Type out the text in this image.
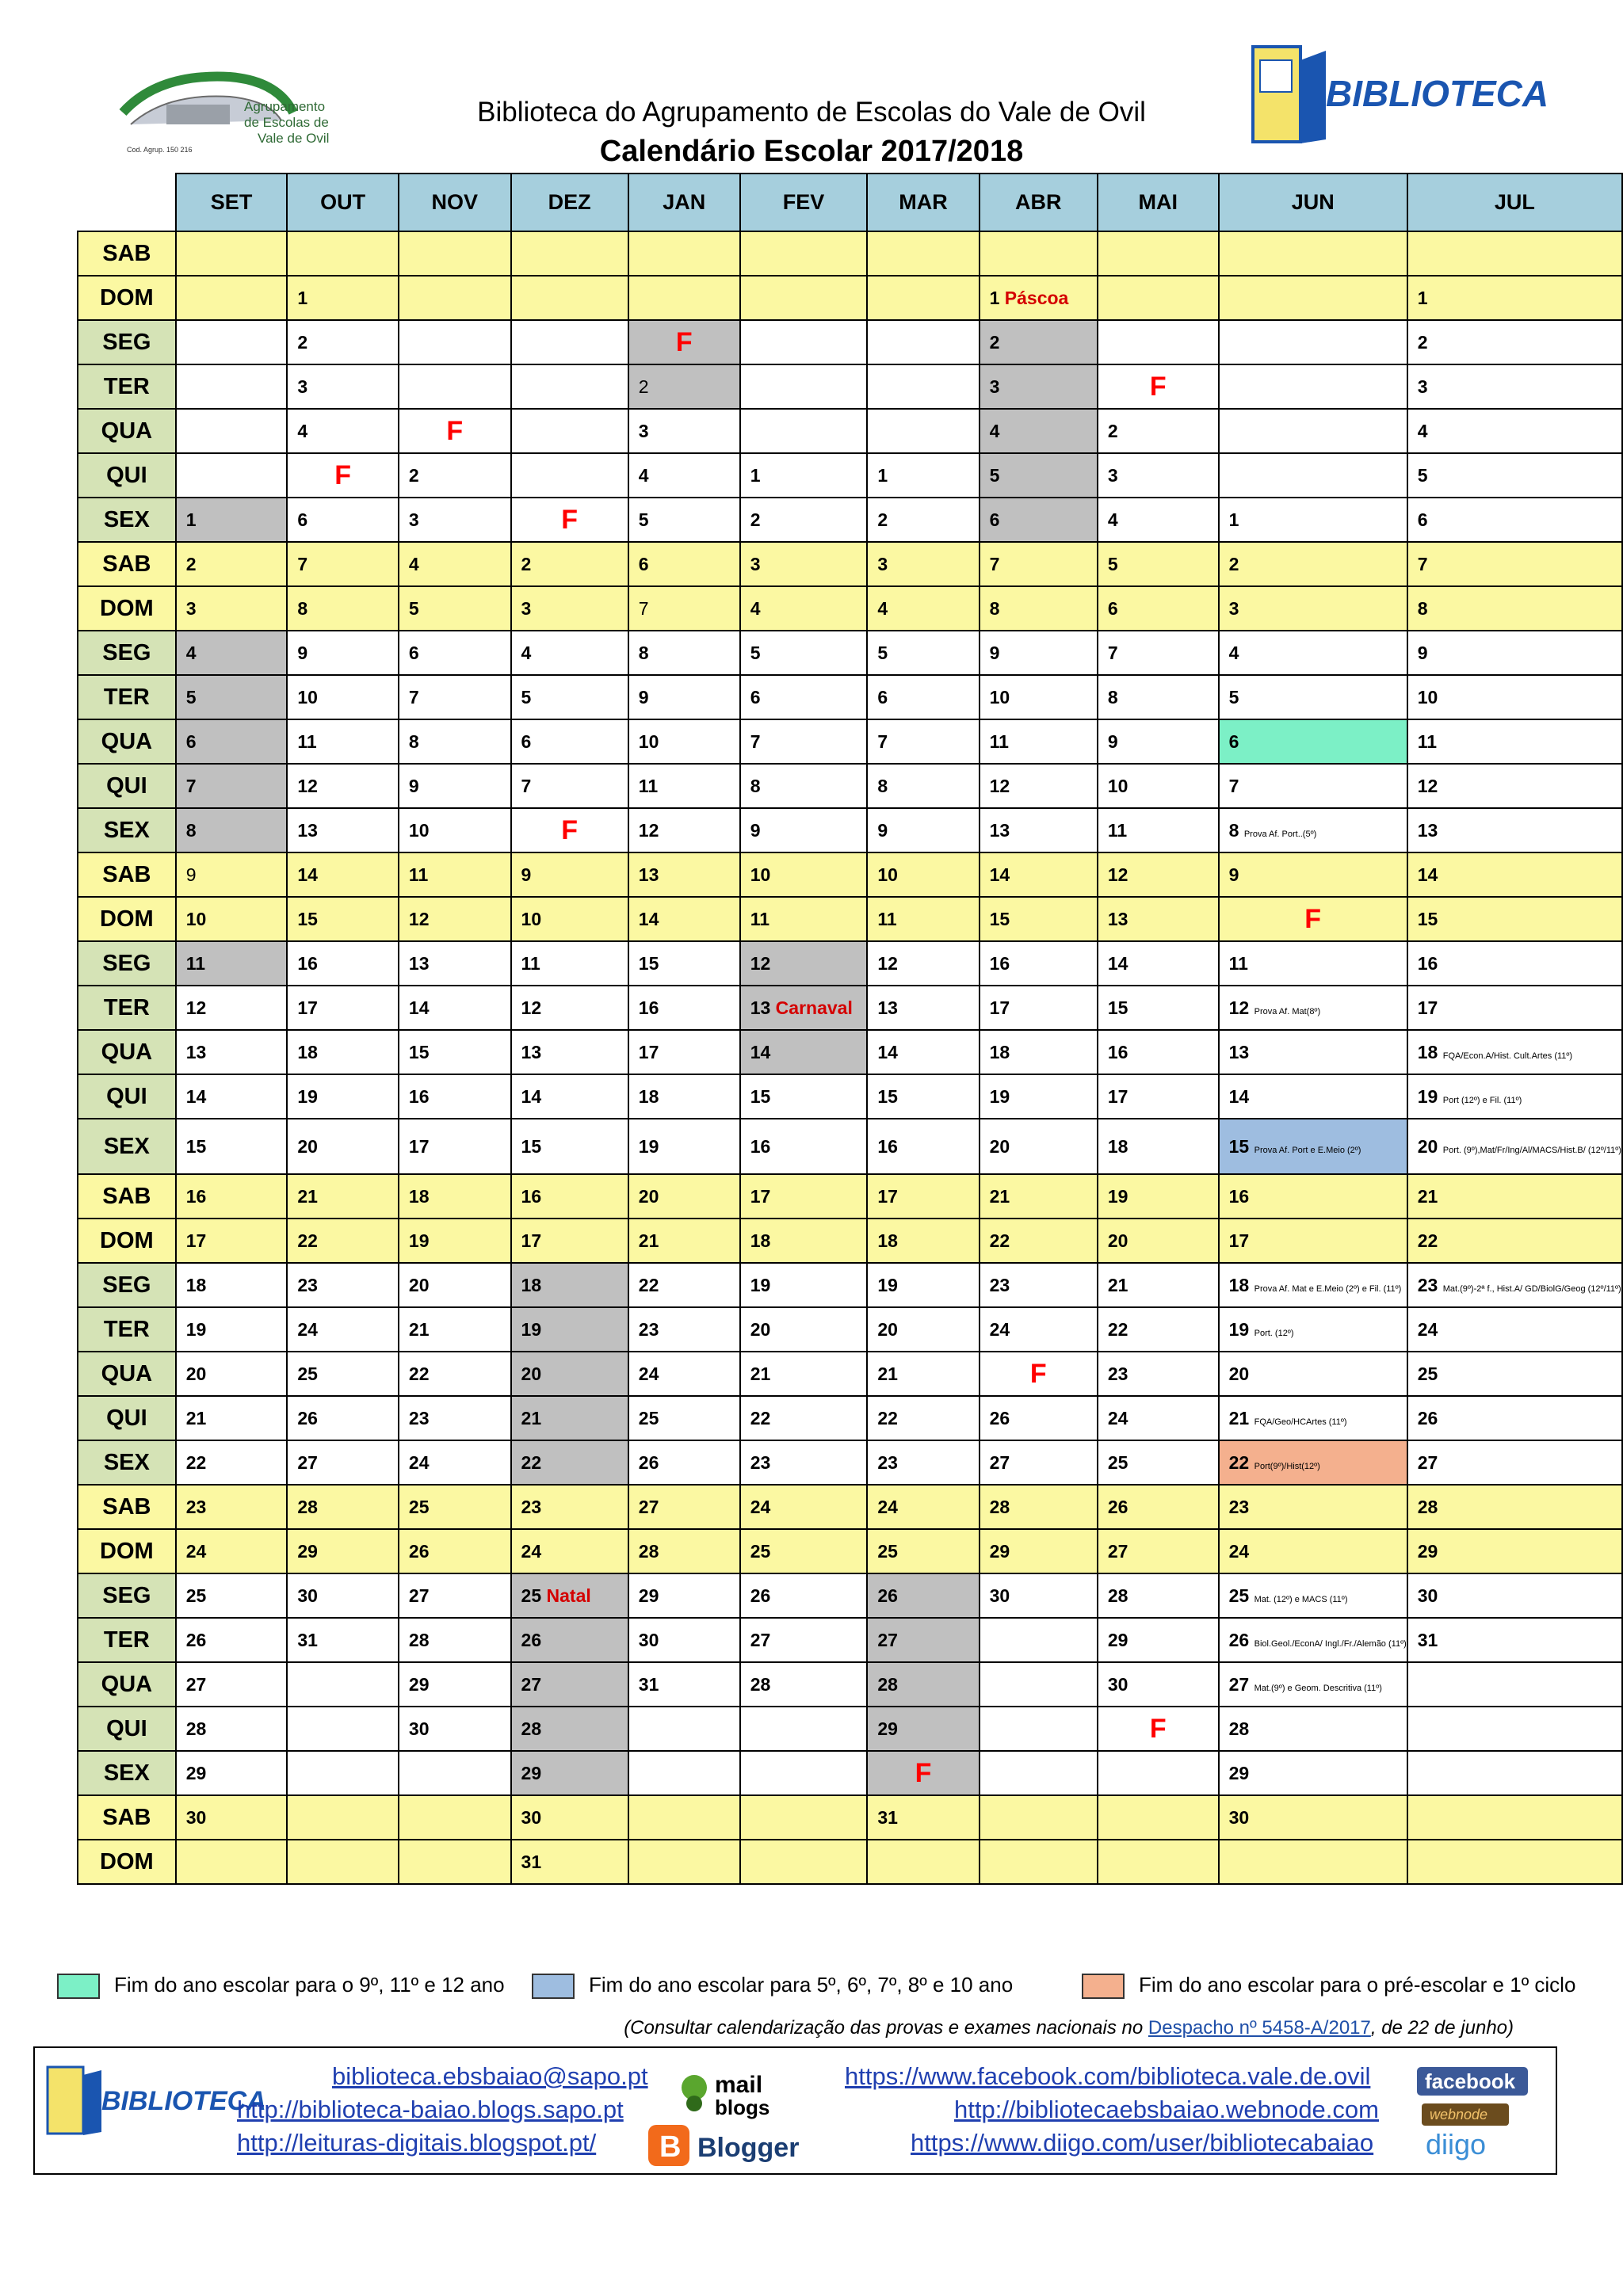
Agrupamento
de Escolas de
Vale de Ovil
Cod. Agrup. 150 216
Biblioteca do Agrupamento de Escolas do Vale de Ovil
Calendário Escolar 2017/2018
BIBLIOTECA
	SET	OUT	NOV	DEZ	JAN	FEV	MAR	ABR	MAI	JUN	JUL
SAB											
DOM		1						1 Páscoa			1
SEG		2			F			2			2
TER		3			2			3	F		3
QUA		4	F		3			4	2		4
QUI		F	2		4	1	1	5	3		5
SEX	1	6	3	F	5	2	2	6	4	1	6
SAB	2	7	4	2	6	3	3	7	5	2	7
DOM	3	8	5	3	7	4	4	8	6	3	8
SEG	4	9	6	4	8	5	5	9	7	4	9
TER	5	10	7	5	9	6	6	10	8	5	10
QUA	6	11	8	6	10	7	7	11	9	6	11
QUI	7	12	9	7	11	8	8	12	10	7	12
SEX	8	13	10	F	12	9	9	13	11	8 Prova Af. Port..(5º)	13
SAB	9	14	11	9	13	10	10	14	12	9	14
DOM	10	15	12	10	14	11	11	15	13	F	15
SEG	11	16	13	11	15	12	12	16	14	11	16
TER	12	17	14	12	16	13 Carnaval	13	17	15	12 Prova Af. Mat(8º)	17
QUA	13	18	15	13	17	14	14	18	16	13	18 FQA/Econ.A/Hist. Cult.Artes (11º)
QUI	14	19	16	14	18	15	15	19	17	14	19 Port (12º) e Fil. (11º)
SEX	15	20	17	15	19	16	16	20	18	15 Prova Af. Port e E.Meio (2º)	20 Port. (9º),Mat/Fr/Ing/Al/MACS/Hist.B/ (12º/11º)
SAB	16	21	18	16	20	17	17	21	19	16	21
DOM	17	22	19	17	21	18	18	22	20	17	22
SEG	18	23	20	18	22	19	19	23	21	18 Prova Af. Mat e E.Meio (2º) e Fil. (11º)	23 Mat.(9º)-2ª f., Hist.A/ GD/BiolG/Geog (12º/11º)
TER	19	24	21	19	23	20	20	24	22	19 Port. (12º)	24
QUA	20	25	22	20	24	21	21	F	23	20	25
QUI	21	26	23	21	25	22	22	26	24	21 FQA/Geo/HCArtes (11º)	26
SEX	22	27	24	22	26	23	23	27	25	22 Port(9º)/Hist(12º)	27
SAB	23	28	25	23	27	24	24	28	26	23	28
DOM	24	29	26	24	28	25	25	29	27	24	29
SEG	25	30	27	25 Natal	29	26	26	30	28	25 Mat. (12º) e MACS (11º)	30
TER	26	31	28	26	30	27	27		29	26 Biol.Geol./EconA/ Ingl./Fr./Alemão (11º)	31
QUA	27		29	27	31	28	28		30	27 Mat.(9º) e Geom. Descritiva (11º)	
QUI	28		30	28			29		F	28	
SEX	29			29			F			29	
SAB	30			30			31			30	
DOM				31							
Fim do ano escolar para o 9º, 11º e 12 ano	Fim do ano escolar para 5º, 6º, 7º, 8º e 10 ano	Fim do ano escolar para o pré-escolar e 1º ciclo
(Consultar calendarização das provas e exames nacionais no Despacho nº 5458-A/2017, de 22 de junho)
BIBLIOTECA
biblioteca.ebsbaiao@sapo.pt
http://biblioteca-baiao.blogs.sapo.pt
http://leituras-digitais.blogspot.pt/
mail
blogs
B Blogger
https://www.facebook.com/biblioteca.vale.de.ovil
http://bibliotecaebsbaiao.webnode.com
https://www.diigo.com/user/bibliotecabaiao
facebook
webnode
diigo
